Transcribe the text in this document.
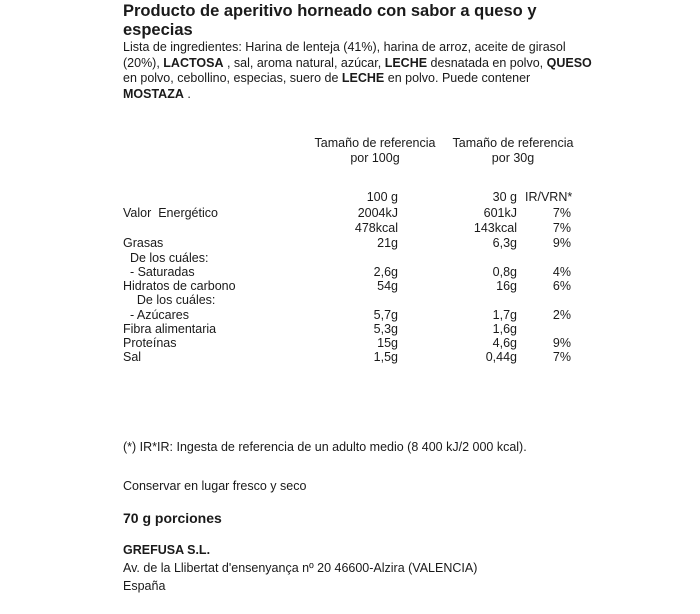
Producto de aperitivo horneado con sabor a queso y
especias
Lista de ingredientes: Harina de lenteja (41%), harina de arroz, aceite de girasol (20%), LACTOSA , sal, aroma natural, azúcar, LECHE desnatada en polvo, QUESO en polvo, cebollino, especias, suero de LECHE en polvo. Puede contener MOSTAZA .
Tamaño de referencia por 100g
Tamaño de referencia por 30g
100 g	30 g IR/VRN*
Valor  Energético	2004kJ	601kJ	7%
478kcal	143kcal	7%
Grasas	21g	6,3g	9%
De los cuáles:
- Saturadas	2,6g	0,8g	4%
Hidratos de carbono	54g	16g	6%
De los cuáles:
- Azúcares	5,7g	1,7g	2%
Fibra alimentaria	5,3g	1,6g
Proteínas	15g	4,6g	9%
Sal	1,5g	0,44g	7%
(*) IR*IR: Ingesta de referencia de un adulto medio (8 400 kJ/2 000 kcal).
Conservar en lugar fresco y seco
70 g porciones
GREFUSA S.L.
Av. de la Llibertat d'ensenyança nº 20 46600-Alzira (VALENCIA)
España
